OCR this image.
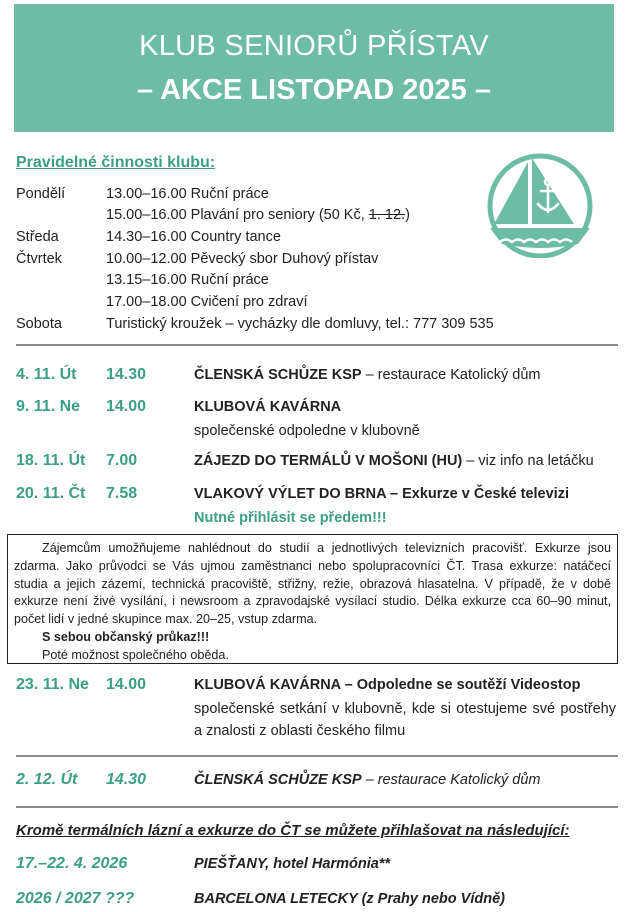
KLUB SENIORŮ PŘÍSTAV
– AKCE LISTOPAD 2025 –
Pravidelné činnosti klubu:
Pondělí	13.00–16.00 Ruční práce
15.00–16.00 Plavání pro seniory (50 Kč, 1. 12.)
Středa	14.30–16.00 Country tance
Čtvrtek	10.00–12.00 Pěvecký sbor Duhový přístav
13.15–16.00 Ruční práce
17.00–18.00 Cvičení pro zdraví
Sobota	Turistický kroužek – vycházky dle domluvy, tel.: 777 309 535
4. 11. Út 14.30	ČLENSKÁ SCHŮZE KSP – restaurace Katolický dům
9. 11. Ne 14.00	KLUBOVÁ KAVÁRNA
společenské odpoledne v klubovně
18. 11. Út 7.00	ZÁJEZD DO TERMÁLŮ V MOŠONI (HU) – viz info na letáčku
20. 11. Čt 7.58	VLAKOVÝ VÝLET DO BRNA – Exkurze v České televizi
Nutné přihlásit se předem!!!

Zájemcům umožňujeme nahlédnout do studií a jednotlivých televizních pracovišť. Exkurze jsou zdarma. Jako průvodci se Vás ujmou zaměstnanci nebo spolupracovníci ČT. Trasa exkurze: natáčecí studia a jejich zázemí, technická pracoviště, střižny, režie, obrazová hlasatelna. V případě, že v době exkurze není živé vysílání, i newsroom a zpravodajské vysílací studio. Délka exkurze cca 60–90 minut, počet lidí v jedné skupince max. 20–25, vstup zdarma.

S sebou občanský průkaz!!!

Poté možnost společného oběda.

23. 11. Ne 14.00	KLUBOVÁ KAVÁRNA – Odpoledne se soutěží Videostop
společenské setkání v klubovně, kde si otestujeme své postřehy a znalosti z oblasti českého filmu
2. 12. Út 14.30	ČLENSKÁ SCHŮZE KSP – restaurace Katolický dům
Kromě termálních lázní a exkurze do ČT se můžete přihlašovat na následující:
17.–22. 4. 2026	PIEŠŤANY, hotel Harmónia**
2026 / 2027 ???	BARCELONA LETECKY (z Prahy nebo Vídně)
